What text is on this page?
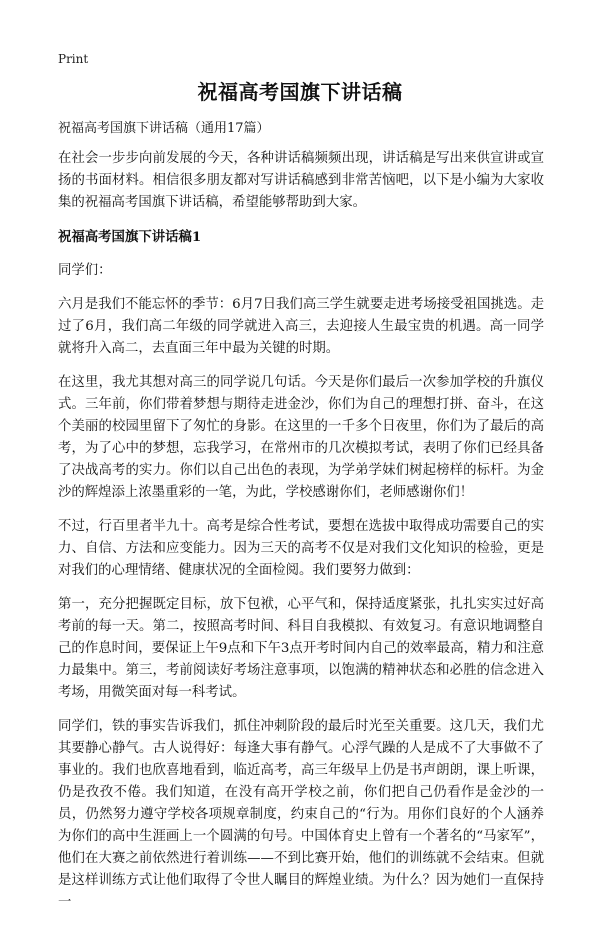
Print
祝福高考国旗下讲话稿
祝福高考国旗下讲话稿（通用17篇）

在社会一步步向前发展的今天，各种讲话稿频频出现，讲话稿是写出来供宣讲或宣扬的书面材料。相信很多朋友都对写讲话稿感到非常苦恼吧，以下是小编为大家收集的祝福高考国旗下讲话稿，希望能够帮助到大家。

祝福高考国旗下讲话稿1

同学们：

六月是我们不能忘怀的季节：6月7日我们高三学生就要走进考场接受祖国挑选。走过了6月，我们高二年级的同学就进入高三，去迎接人生最宝贵的机遇。高一同学就将升入高二，去直面三年中最为关键的时期。

在这里，我尤其想对高三的同学说几句话。今天是你们最后一次参加学校的升旗仪式。三年前，你们带着梦想与期待走进金沙，你们为自己的理想打拼、奋斗，在这个美丽的校园里留下了匆忙的身影。在这里的一千多个日夜里，你们为了最后的高考，为了心中的梦想，忘我学习，在常州市的几次模拟考试，表明了你们已经具备了决战高考的实力。你们以自己出色的表现，为学弟学妹们树起榜样的标杆。为金沙的辉煌添上浓墨重彩的一笔，为此，学校感谢你们，老师感谢你们！

不过，行百里者半九十。高考是综合性考试，要想在选拔中取得成功需要自己的实力、自信、方法和应变能力。因为三天的高考不仅是对我们文化知识的检验，更是对我们的心理情绪、健康状况的全面检阅。我们要努力做到：

第一，充分把握既定目标，放下包袱，心平气和，保持适度紧张，扎扎实实过好高考前的每一天。第二，按照高考时间、科目自我模拟、有效复习。有意识地调整自己的作息时间，要保证上午9点和下午3点开考时间内自己的效率最高，精力和注意力最集中。第三，考前阅读好考场注意事项，以饱满的精神状态和必胜的信念进入考场，用微笑面对每一科考试。

同学们，铁的事实告诉我们，抓住冲刺阶段的最后时光至关重要。这几天，我们尤其要静心静气。古人说得好：每逢大事有静气。心浮气躁的人是成不了大事做不了事业的。我们也欣喜地看到，临近高考，高三年级早上仍是书声朗朗，课上听课，仍是孜孜不倦。我们知道，在没有高开学校之前，你们把自己仍看作是金沙的一员，仍然努力遵守学校各项规章制度，约束自己的“行为。用你们良好的个人涵养为你们的高中生涯画上一个圆满的句号。中国体育史上曾有一个著名的“马家军”，他们在大赛之前依然进行着训练——不到比赛开始，他们的训练就不会结束。但就是这样训练方式让他们取得了令世人瞩目的辉煌业绩。为什么？因为她们一直保持一
